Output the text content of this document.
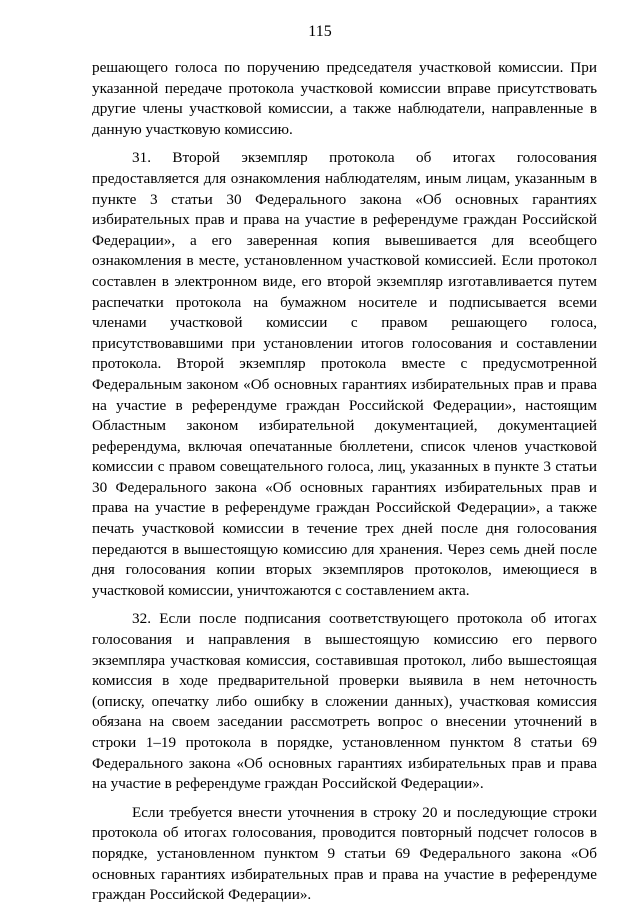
115

решающего голоса по поручению председателя участковой комиссии. При указанной передаче протокола участковой комиссии вправе присутствовать другие члены участковой комиссии, а также наблюдатели, направленные в данную участковую комиссию.

31. Второй экземпляр протокола об итогах голосования предоставляется для ознакомления наблюдателям, иным лицам, указанным в пункте 3 статьи 30 Федерального закона «Об основных гарантиях избирательных прав и права на участие в референдуме граждан Российской Федерации», а его заверенная копия вывешивается для всеобщего ознакомления в месте, установленном участковой комиссией. Если протокол составлен в электронном виде, его второй экземпляр изготавливается путем распечатки протокола на бумажном носителе и подписывается всеми членами участковой комиссии с правом решающего голоса, присутствовавшими при установлении итогов голосования и составлении протокола. Второй экземпляр протокола вместе с предусмотренной Федеральным законом «Об основных гарантиях избирательных прав и права на участие в референдуме граждан Российской Федерации», настоящим Областным законом избирательной документацией, документацией референдума, включая опечатанные бюллетени, список членов участковой комиссии с правом совещательного голоса, лиц, указанных в пункте 3 статьи 30 Федерального закона «Об основных гарантиях избирательных прав и права на участие в референдуме граждан Российской Федерации», а также печать участковой комиссии в течение трех дней после дня голосования передаются в вышестоящую комиссию для хранения. Через семь дней после дня голосования копии вторых экземпляров протоколов, имеющиеся в участковой комиссии, уничтожаются с составлением акта.

32. Если после подписания соответствующего протокола об итогах голосования и направления в вышестоящую комиссию его первого экземпляра участковая комиссия, составившая протокол, либо вышестоящая комиссия в ходе предварительной проверки выявила в нем неточность (описку, опечатку либо ошибку в сложении данных), участковая комиссия обязана на своем заседании рассмотреть вопрос о внесении уточнений в строки 1–19 протокола в порядке, установленном пунктом 8 статьи 69 Федерального закона «Об основных гарантиях избирательных прав и права на участие в референдуме граждан Российской Федерации».

Если требуется внести уточнения в строку 20 и последующие строки протокола об итогах голосования, проводится повторный подсчет голосов в порядке, установленном пунктом 9 статьи 69 Федерального закона «Об основных гарантиях избирательных прав и права на участие в референдуме граждан Российской Федерации».
